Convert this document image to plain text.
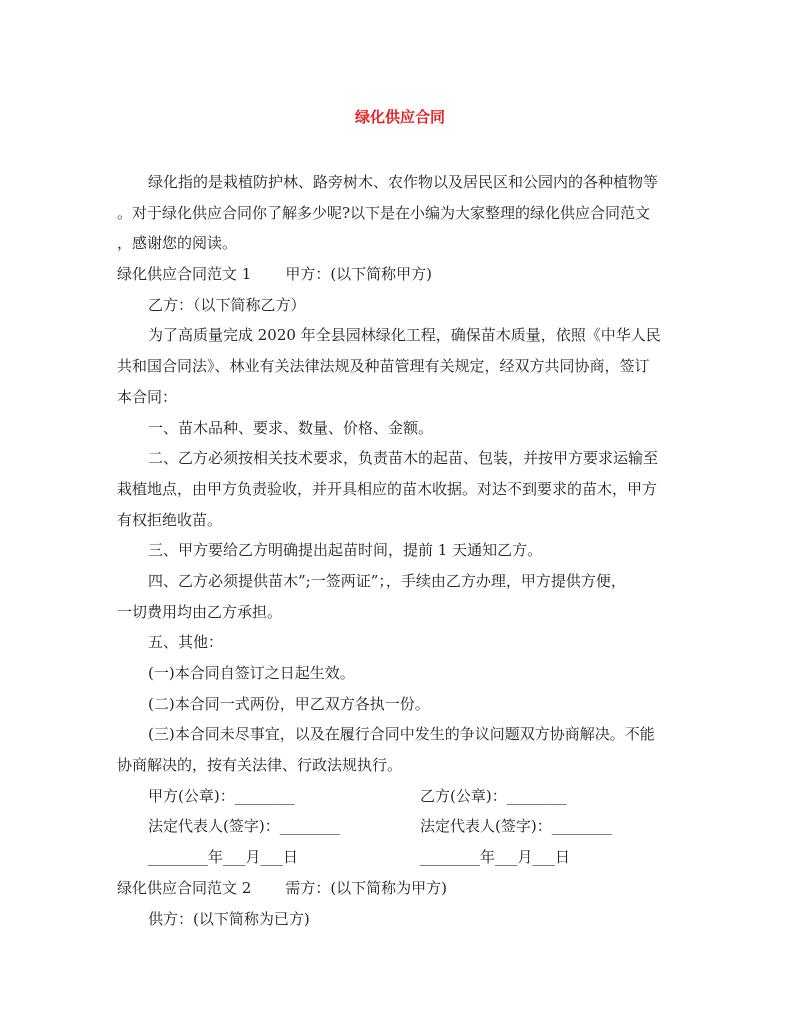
绿化供应合同
绿化指的是栽植防护林、路旁树木、农作物以及居民区和公园内的各种植物等
。对于绿化供应合同你了解多少呢?以下是在小编为大家整理的绿化供应合同范文
，感谢您的阅读。
绿化供应合同范文 1 甲方：(以下简称甲方)
乙方：（以下简称乙方）
为了高质量完成 2020 年全县园林绿化工程，确保苗木质量，依照《中华人民
共和国合同法》、林业有关法律法规及种苗管理有关规定，经双方共同协商，签订
本合同：
一、苗木品种、要求、数量、价格、金额。
二、乙方必须按相关技术要求，负责苗木的起苗、包装，并按甲方要求运输至
栽植地点，由甲方负责验收，并开具相应的苗木收据。对达不到要求的苗木，甲方
有权拒绝收苗。
三、甲方要给乙方明确提出起苗时间，提前 1 天通知乙方。
四、乙方必须提供苗木”;一签两证”；，手续由乙方办理，甲方提供方便，
一切费用均由乙方承担。
五、其他：
(一)本合同自签订之日起生效。
(二)本合同一式两份，甲乙双方各执一份。
(三)本合同未尽事宜，以及在履行合同中发生的争议问题双方协商解决。不能
协商解决的，按有关法律、行政法规执行。
甲方(公章)：________	乙方(公章)：________
法定代表人(签字)：________	法定代表人(签字)：________
________年___月___日	________年___月___日
绿化供应合同范文 2 需方：(以下简称为甲方)
供方：(以下简称为已方)
